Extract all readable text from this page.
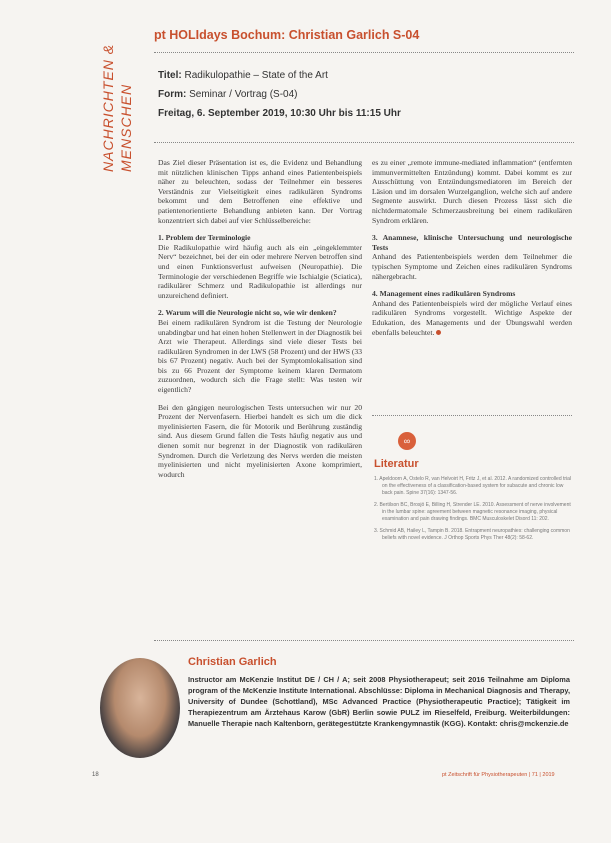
NACHRICHTEN & MENSCHEN
pt HOLIdays Bochum: Christian Garlich S-04
Titel: Radikulopathie – State of the Art
Form: Seminar / Vortrag (S-04)
Freitag, 6. September 2019, 10:30 Uhr bis 11:15 Uhr

Das Ziel dieser Präsentation ist es, die Evidenz und Behandlung mit nützlichen klinischen Tipps anhand eines Patientenbeispiels näher zu beleuchten, sodass der Teilnehmer ein besseres Verständnis zur Vielseitigkeit eines radikulären Syndroms bekommt und dem Betroffenen eine effektive und patientenorientierte Behandlung anbieten kann. Der Vortrag konzentriert sich dabei auf vier Schlüsselbereiche:

1. Problem der Terminologie

Die Radikulopathie wird häufig auch als ein „eingeklemmter Nerv“ bezeichnet, bei der ein oder mehrere Nerven betroffen sind und einen Funktionsverlust aufweisen (Neuropathie). Die Terminologie der verschiedenen Begriffe wie Ischialgie (Sciatica), radikulärer Schmerz und Radikulopathie ist allerdings nur unzureichend definiert.

2. Warum will die Neurologie nicht so, wie wir denken?

Bei einem radikulären Syndrom ist die Testung der Neurologie unabdingbar und hat einen hohen Stellenwert in der Diagnostik bei Arzt wie Therapeut. Allerdings sind viele dieser Tests bei radikulären Syndromen in der LWS (58 Prozent) und der HWS (33 bis 67 Prozent) negativ. Auch bei der Symptomlokalisation sind bis zu 66 Prozent der Symptome keinem klaren Dermatom zuzuordnen, wodurch sich die Frage stellt: Was testen wir eigentlich?

Bei den gängigen neurologischen Tests untersuchen wir nur 20 Prozent der Nervenfasern. Hierbei handelt es sich um die dick myelinisierten Fasern, die für Motorik und Berührung zuständig sind. Aus diesem Grund fallen die Tests häufig negativ aus und dienen somit nur begrenzt in der Diagnostik von radikulären Syndromen. Durch die Verletzung des Nervs werden die meisten myelinisierten und nicht myelinisierten Axone komprimiert, wodurch

es zu einer „remote immune-mediated inflammation“ (entfernten immunvermittelten Entzündung) kommt. Dabei kommt es zur Ausschüttung von Entzündungsmediatoren im Bereich der Läsion und im dorsalen Wurzelganglion, welche sich auf andere Segmente auswirkt. Durch diesen Prozess lässt sich die nichtdermatomale Schmerzausbreitung bei einem radikulären Syndrom erklären.

3. Anamnese, klinische Untersuchung und neurologische Tests

Anhand des Patientenbeispiels werden dem Teilnehmer die typischen Symptome und Zeichen eines radikulären Syndroms nähergebracht.

4. Management eines radikulären Syndroms

Anhand des Patientenbeispiels wird der mögliche Verlauf eines radikulären Syndroms vorgestellt. Wichtige Aspekte der Edukation, des Managements und der Übungswahl werden ebenfalls beleuchtet.

∞
Literatur
1. Apeldoorn A, Ostelo R, van Helvoirt H, Fritz J, et al. 2012. A randomized controlled trial on the effectiveness of a classification-based system for subacute and chronic low back pain. Spine 37(16): 1347-56.
2. Bertilson BC, Brosjö E, Billing H, Strender LE. 2010. Assessment of nerve involvement in the lumbar spine: agreement between magnetic resonance imaging, physical examination and pain drawing findings. BMC Musculoskelet Disord 11: 202.
3. Schmid AB, Hailey L, Tampin B. 2018. Entrapment neuropathies: challenging common beliefs with novel evidence. J Orthop Sports Phys Ther 48(2): 58-62.
Christian Garlich
Instructor am McKenzie Institut DE / CH / A; seit 2008 Physiotherapeut; seit 2016 Teilnahme am Diploma program of the McKenzie Institute International. Abschlüsse: Diploma in Mechanical Diagnosis and Therapy, University of Dundee (Schottland), MSc Advanced Practice (Physiotherapeutic Practice); Tätigkeit im Therapiezentrum am Ärztehaus Karow (GbR) Berlin sowie PULZ im Rieselfeld, Freiburg. Weiterbildungen: Manuelle Therapie nach Kaltenborn, gerätegestützte Krankengymnastik (KGG). Kontakt: chris@mckenzie.de
18	pt Zeitschrift für Physiotherapeuten | 71 | 2019
